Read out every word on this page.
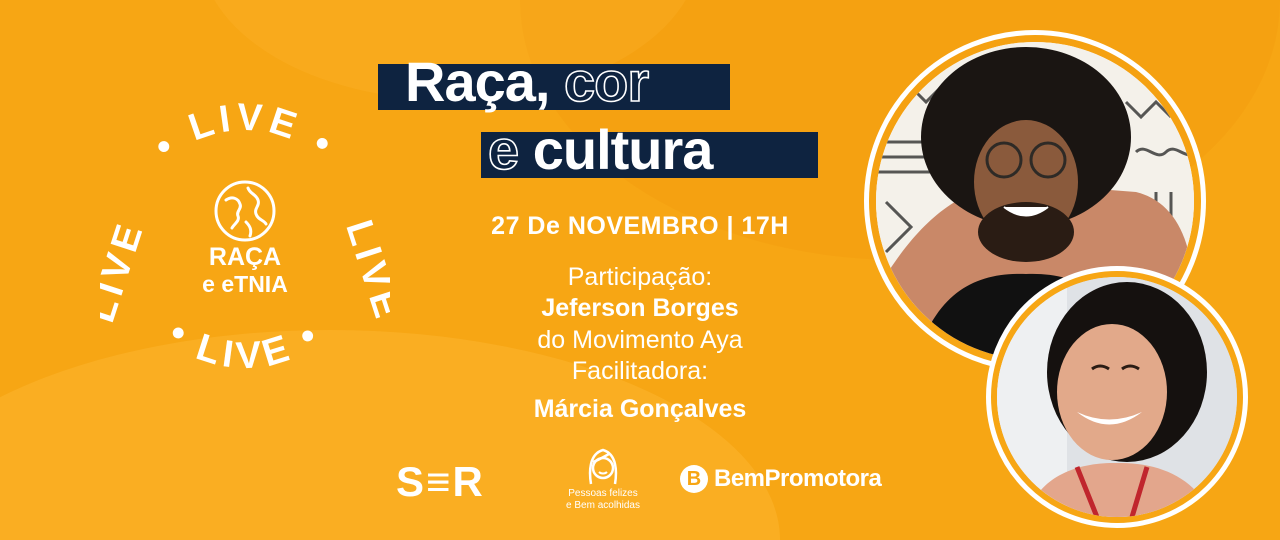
• LIVE •
• LIVE •
LIVE
LIVE	RAÇA
e eTNIA
Raça, cor
e cultura
27 De NOVEMBRO | 17H
Participação:
Jeferson Borges
do Movimento Aya
Facilitadora:
Márcia Gonçalves
S≡R	Pessoas felizes
e Bem acolhidas
B BemPromotora
